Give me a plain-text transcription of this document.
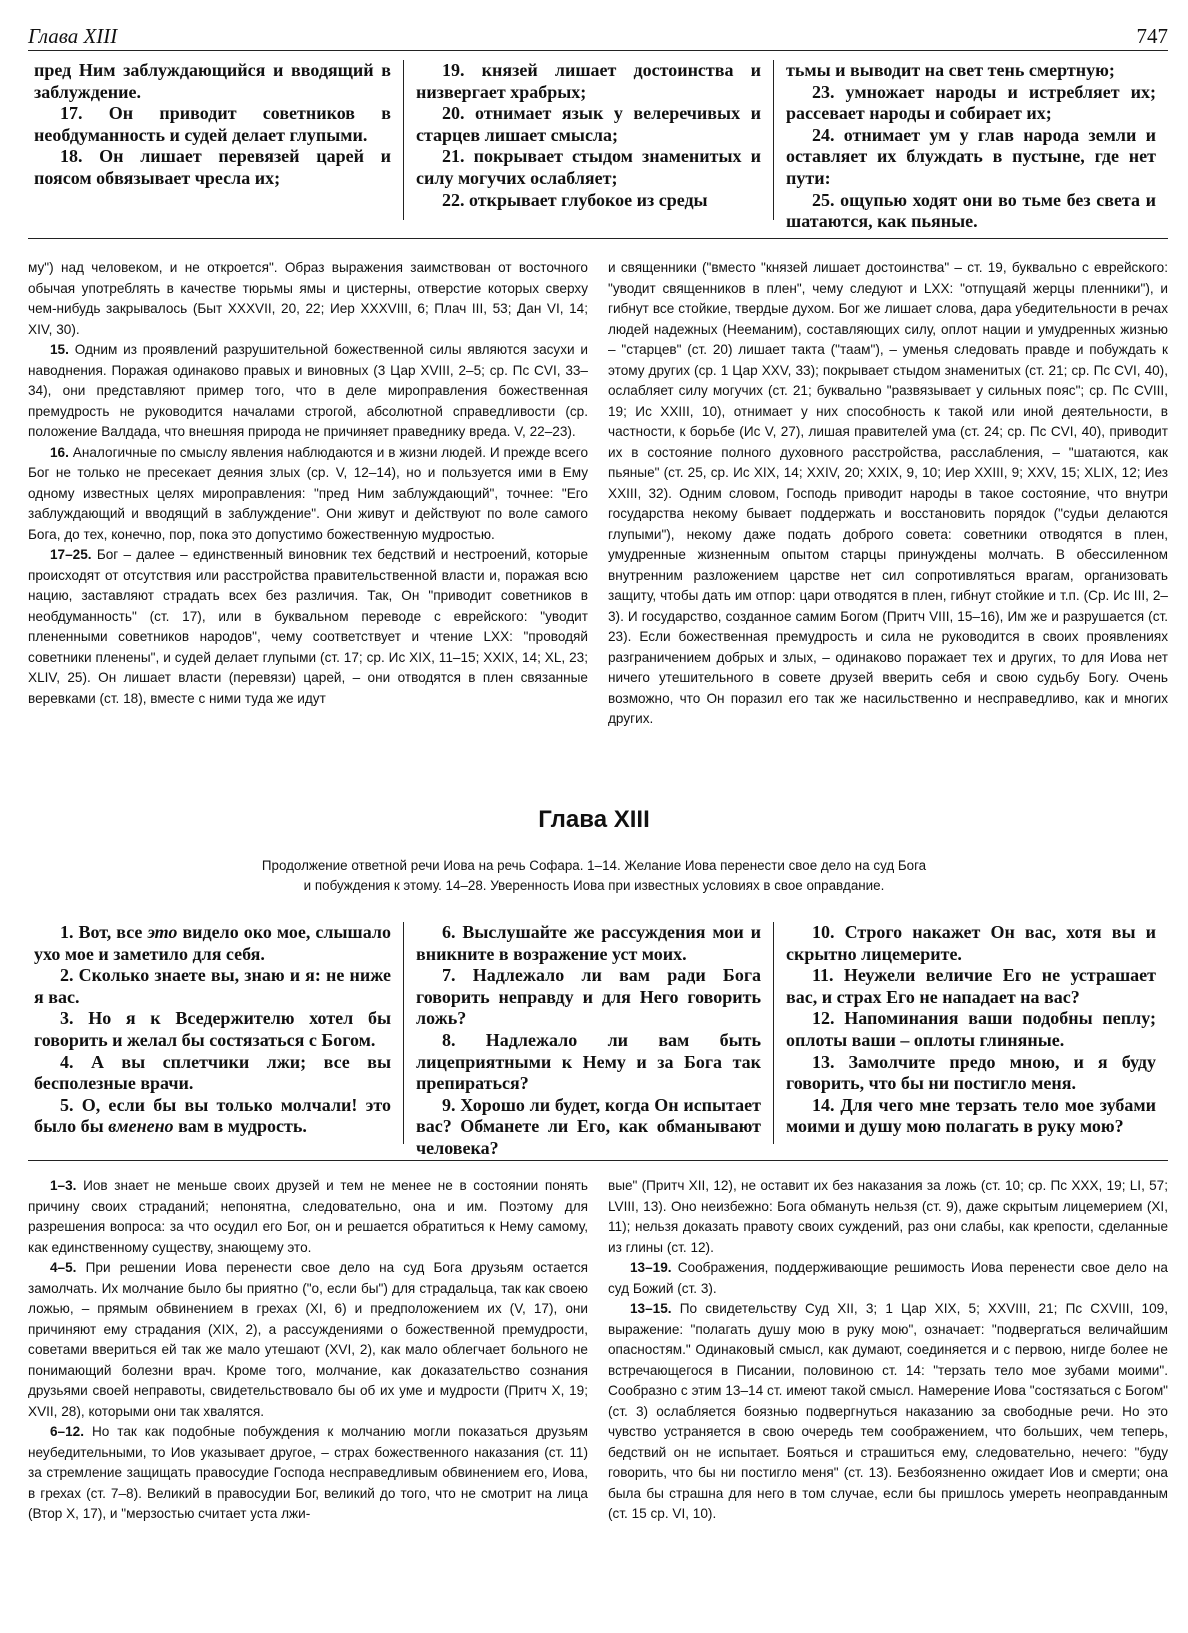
Глава XIII	747

пред Ним заблуждающийся и вводящий в заблуждение.

17. Он приводит советников в необдуманность и судей делает глупыми.

18. Он лишает перевязей царей и поясом обвязывает чресла их;

19. князей лишает достоинства и низвергает храбрых;

20. отнимает язык у велеречивых и старцев лишает смысла;

21. покрывает стыдом знаменитых и силу могучих ослабляет;

22. открывает глубокое из среды

тьмы и выводит на свет тень смертную;

23. умножает народы и истребляет их; рассевает народы и собирает их;

24. отнимает ум у глав народа земли и оставляет их блуждать в пустыне, где нет пути:

25. ощупью ходят они во тьме без света и шатаются, как пьяные.

му") над человеком, и не откроется". Образ выражения заимствован от восточного обычая употреблять в качестве тюрьмы ямы и цистерны, отверстие которых сверху чем-нибудь закрывалось (Быт XXXVII, 20, 22; Иер XXXVIII, 6; Плач III, 53; Дан VI, 14; XIV, 30).

15. Одним из проявлений разрушительной божественной силы являются засухи и наводнения. Поражая одинаково правых и виновных (3 Цар XVIII, 2–5; ср. Пс CVI, 33–34), они представляют пример того, что в деле мироправления божественная премудрость не руководится началами строгой, абсолютной справедливости (ср. положение Валдада, что внешняя природа не причиняет праведнику вреда. V, 22–23).

16. Аналогичные по смыслу явления наблюдаются и в жизни людей. И прежде всего Бог не только не пресекает деяния злых (ср. V, 12–14), но и пользуется ими в Ему одному известных целях мироправления: "пред Ним заблуждающий", точнее: "Его заблуждающий и вводящий в заблуждение". Они живут и действуют по воле самого Бога, до тех, конечно, пор, пока это допустимо божественную мудростью.

17–25. Бог – далее – единственный виновник тех бедствий и нестроений, которые происходят от отсутствия или расстройства правительственной власти и, поражая всю нацию, заставляют страдать всех без различия. Так, Он "приводит советников в необдуманность" (ст. 17), или в буквальном переводе с еврейского: "уводит плененными советников народов", чему соответствует и чтение LXX: "проводяй советники пленены", и судей делает глупыми (ст. 17; ср. Ис XIX, 11–15; XXIX, 14; XL, 23; XLIV, 25). Он лишает власти (перевязи) царей, – они отводятся в плен связанные веревками (ст. 18), вместе с ними туда же идут

и священники ("вместо "князей лишает достоинства" – ст. 19, буквально с еврейского: "уводит священников в плен", чему следуют и LXX: "отпущаяй жерцы пленники"), и гибнут все стойкие, твердые духом. Бог же лишает слова, дара убедительности в речах людей надежных (Нееманим), составляющих силу, оплот нации и умудренных жизнью – "старцев" (ст. 20) лишает такта ("таам"), – уменья следовать правде и побуждать к этому других (ср. 1 Цар XXV, 33); покрывает стыдом знаменитых (ст. 21; ср. Пс CVI, 40), ослабляет силу могучих (ст. 21; буквально "развязывает у сильных пояс"; ср. Пс CVIII, 19; Ис XXIII, 10), отнимает у них способность к такой или иной деятельности, в частности, к борьбе (Ис V, 27), лишая правителей ума (ст. 24; ср. Пс CVI, 40), приводит их в состояние полного духовного расстройства, расслабления, – "шатаются, как пьяные" (ст. 25, ср. Ис XIX, 14; XXIV, 20; XXIX, 9, 10; Иер XXIII, 9; XXV, 15; XLIX, 12; Иез XXIII, 32). Одним словом, Господь приводит народы в такое состояние, что внутри государства некому бывает поддержать и восстановить порядок ("судьи делаются глупыми"), некому даже подать доброго совета: советники отводятся в плен, умудренные жизненным опытом старцы принуждены молчать. В обессиленном внутренним разложением царстве нет сил сопротивляться врагам, организовать защиту, чтобы дать им отпор: цари отводятся в плен, гибнут стойкие и т.п. (Ср. Ис III, 2–3). И государство, созданное самим Богом (Притч VIII, 15–16), Им же и разрушается (ст. 23). Если божественная премудрость и сила не руководится в своих проявлениях разграничением добрых и злых, – одинаково поражает тех и других, то для Иова нет ничего утешительного в совете друзей вверить себя и свою судьбу Богу. Очень возможно, что Он поразил его так же насильственно и несправедливо, как и многих других.

Глава XIII
Продолжение ответной речи Иова на речь Софара. 1–14. Желание Иова перенести свое дело на суд Бога
и побуждения к этому. 14–28. Уверенность Иова при известных условиях в свое оправдание.

1. Вот, все это видело око мое, слышало ухо мое и заметило для себя.

2. Сколько знаете вы, знаю и я: не ниже я вас.

3. Но я к Вседержителю хотел бы говорить и желал бы состязаться с Богом.

4. А вы сплетчики лжи; все вы бесполезные врачи.

5. О, если бы вы только молчали! это было бы вменено вам в мудрость.

6. Выслушайте же рассуждения мои и вникните в возражение уст моих.

7. Надлежало ли вам ради Бога говорить неправду и для Него говорить ложь?

8. Надлежало ли вам быть лицеприятными к Нему и за Бога так препираться?

9. Хорошо ли будет, когда Он испытает вас? Обманете ли Его, как обманывают человека?

10. Строго накажет Он вас, хотя вы и скрытно лицемерите.

11. Неужели величие Его не устрашает вас, и страх Его не нападает на вас?

12. Напоминания ваши подобны пеплу; оплоты ваши – оплоты глиняные.

13. Замолчите предо мною, и я буду говорить, что бы ни постигло меня.

14. Для чего мне терзать тело мое зубами моими и душу мою полагать в руку мою?

1–3. Иов знает не меньше своих друзей и тем не менее не в состоянии понять причину своих страданий; непонятна, следовательно, она и им. Поэтому для разрешения вопроса: за что осудил его Бог, он и решается обратиться к Нему самому, как единственному существу, знающему это.

4–5. При решении Иова перенести свое дело на суд Бога друзьям остается замолчать. Их молчание было бы приятно ("о, если бы") для страдальца, так как своею ложью, – прямым обвинением в грехах (XI, 6) и предположением их (V, 17), они причиняют ему страдания (XIX, 2), а рассуждениями о божественной премудрости, советами ввериться ей так же мало утешают (XVI, 2), как мало облегчает больного не понимающий болезни врач. Кроме того, молчание, как доказательство сознания друзьями своей неправоты, свидетельствовало бы об их уме и мудрости (Притч X, 19; XVII, 28), которыми они так хвалятся.

6–12. Но так как подобные побуждения к молчанию могли показаться друзьям неубедительными, то Иов указывает другое, – страх божественного наказания (ст. 11) за стремление защищать правосудие Господа несправедливым обвинением его, Иова, в грехах (ст. 7–8). Великий в правосудии Бог, великий до того, что не смотрит на лица (Втор X, 17), и "мерзостью считает уста лжи-

вые" (Притч XII, 12), не оставит их без наказания за ложь (ст. 10; ср. Пс XXX, 19; LI, 57; LVIII, 13). Оно неизбежно: Бога обмануть нельзя (ст. 9), даже скрытым лицемерием (XI, 11); нельзя доказать правоту своих суждений, раз они слабы, как крепости, сделанные из глины (ст. 12).

13–19. Соображения, поддерживающие решимость Иова перенести свое дело на суд Божий (ст. 3).

13–15. По свидетельству Суд XII, 3; 1 Цар XIX, 5; XXVIII, 21; Пс CXVIII, 109, выражение: "полагать душу мою в руку мою", означает: "подвергаться величайшим опасностям." Одинаковый смысл, как думают, соединяется и с первою, нигде более не встречающегося в Писании, половиною ст. 14: "терзать тело мое зубами моими". Сообразно с этим 13–14 ст. имеют такой смысл. Намерение Иова "состязаться с Богом" (ст. 3) ослабляется боязнью подвергнуться наказанию за свободные речи. Но это чувство устраняется в свою очередь тем соображением, что больших, чем теперь, бедствий он не испытает. Бояться и страшиться ему, следовательно, нечего: "буду говорить, что бы ни постигло меня" (ст. 13). Безбоязненно ожидает Иов и смерти; она была бы страшна для него в том случае, если бы пришлось умереть неоправданным (ст. 15 ср. VI, 10).
